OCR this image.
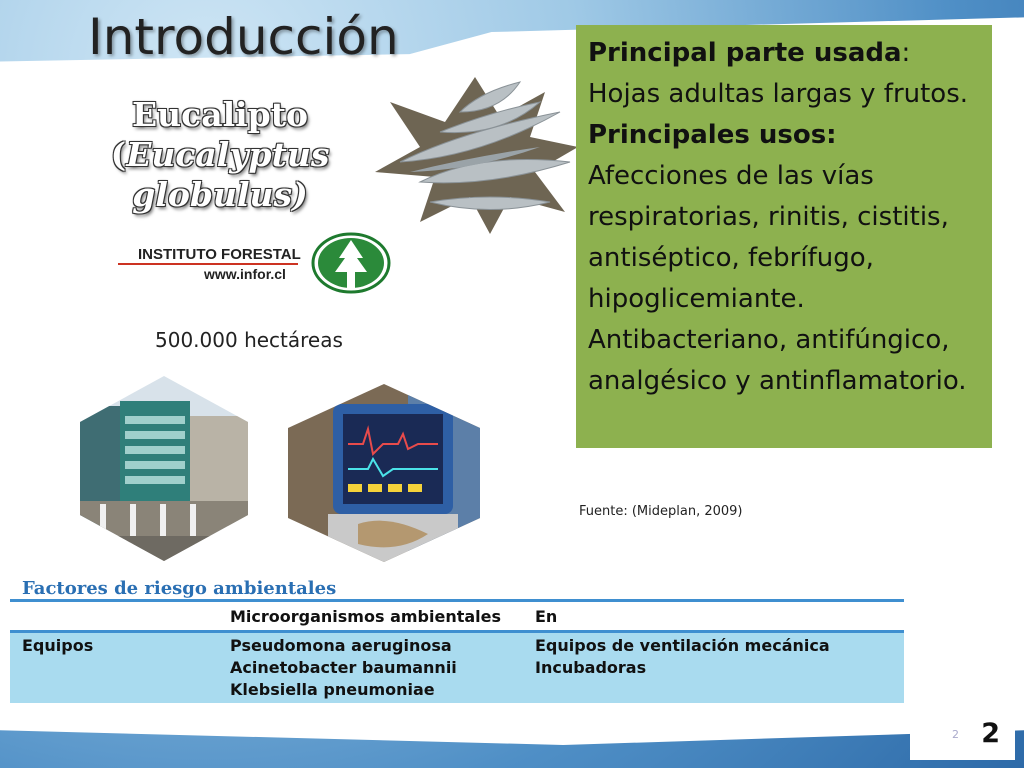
Introducción
Eucalipto (Eucalyptus
globulus)
INSTITUTO FORESTAL
www.infor.cl
500.000 hectáreas
Principal parte usada: Hojas adultas largas y frutos.
Principales usos: Afecciones de las vías respiratorias, rinitis, cistitis, antiséptico, febrífugo, hipoglicemiante. Antibacteriano, antifúngico, analgésico y antinflamatorio.
Fuente: (Mideplan, 2009)
Factores de riesgo ambientales
Microorganismos ambientales En
Equipos	Pseudomona aeruginosa
Acinetobacter baumannii
Klebsiella pneumoniae
Equipos de ventilación mecánica
Incubadoras
2 2
